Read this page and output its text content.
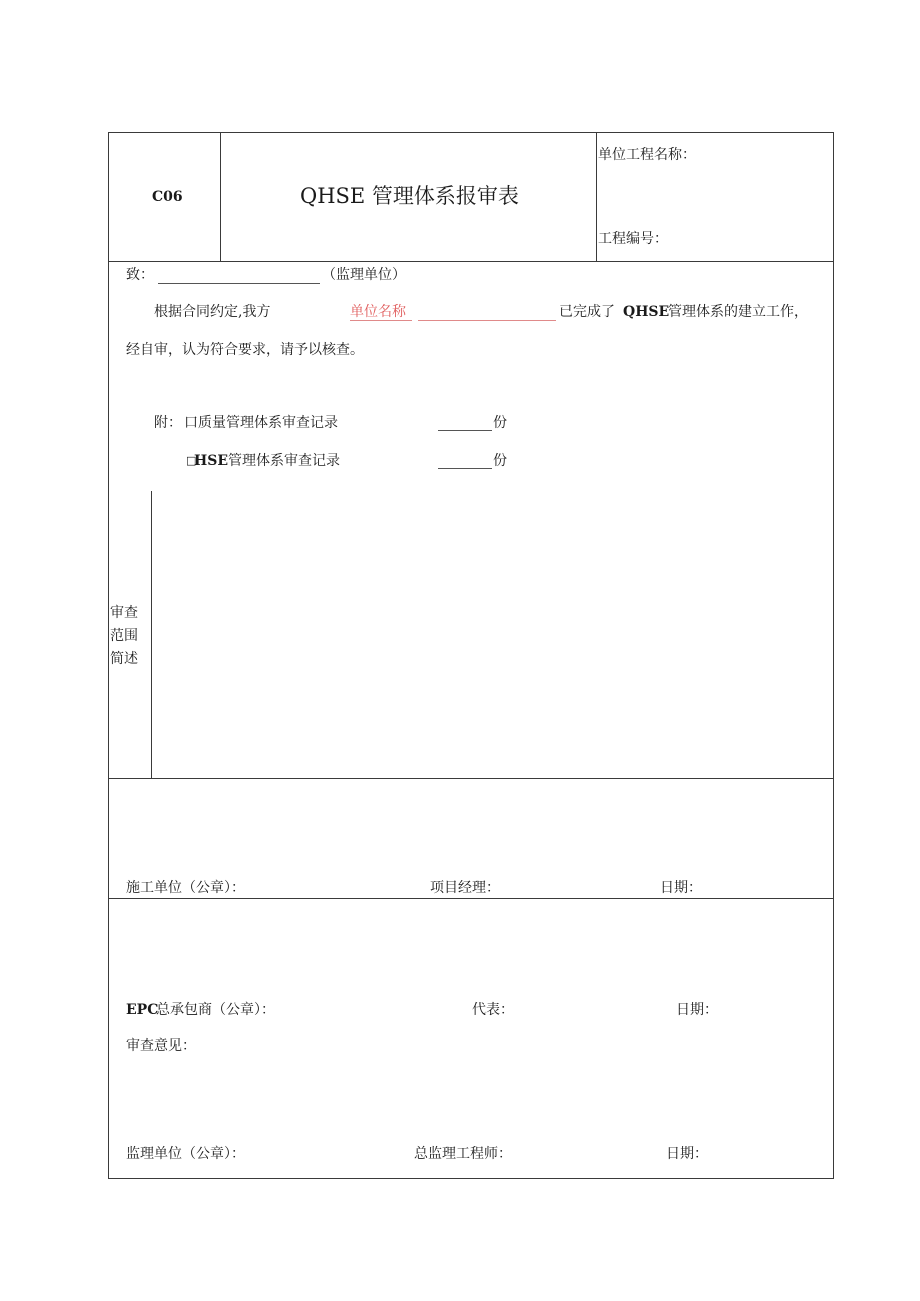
C06	QHSE 管理体系报审表
单位工程名称：
工程编号：
致：	（监理单位）
根据合同约定,我方	单位名称	已完成了 QHSE
管理体系的建立工作，
经自审，认为符合要求，请予以核查。
附： 口质量管理体系审查记录	份
□
HSE 管理体系审查记录	份
审查
范围
简述
施工单位（公章）：	项目经理：	日期：
EPC
总承包商（公章）：	代表：	日期：
审查意见：
监理单位（公章）：	总监理工程师：	日期：
